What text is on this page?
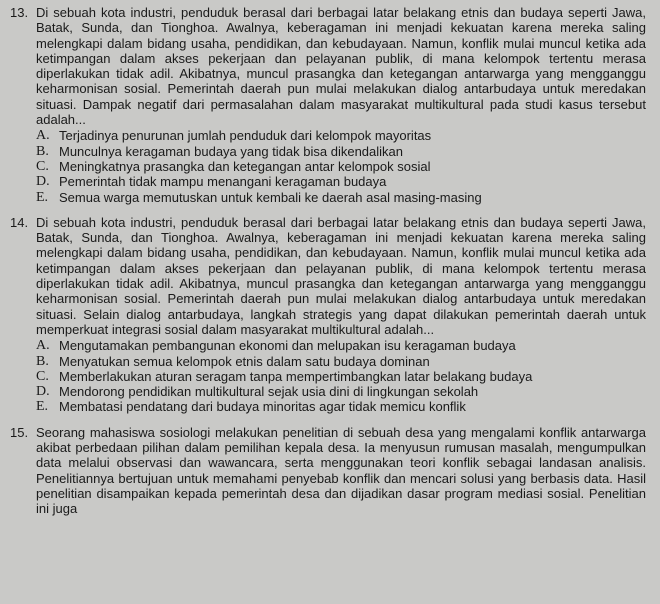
13. Di sebuah kota industri, penduduk berasal dari berbagai latar belakang etnis dan budaya seperti Jawa, Batak, Sunda, dan Tionghoa. Awalnya, keberagaman ini menjadi kekuatan karena mereka saling melengkapi dalam bidang usaha, pendidikan, dan kebudayaan. Namun, konflik mulai muncul ketika ada ketimpangan dalam akses pekerjaan dan pelayanan publik, di mana kelompok tertentu merasa diperlakukan tidak adil. Akibatnya, muncul prasangka dan ketegangan antarwarga yang mengganggu keharmonisan sosial. Pemerintah daerah pun mulai melakukan dialog antarbudaya untuk meredakan situasi. Dampak negatif dari permasalahan dalam masyarakat multikultural pada studi kasus tersebut adalah...

A. Terjadinya penurunan jumlah penduduk dari kelompok mayoritas
B. Munculnya keragaman budaya yang tidak bisa dikendalikan
C. Meningkatnya prasangka dan ketegangan antar kelompok sosial
D. Pemerintah tidak mampu menangani keragaman budaya
E. Semua warga memutuskan untuk kembali ke daerah asal masing-masing
14. Di sebuah kota industri, penduduk berasal dari berbagai latar belakang etnis dan budaya seperti Jawa, Batak, Sunda, dan Tionghoa. Awalnya, keberagaman ini menjadi kekuatan karena mereka saling melengkapi dalam bidang usaha, pendidikan, dan kebudayaan. Namun, konflik mulai muncul ketika ada ketimpangan dalam akses pekerjaan dan pelayanan publik, di mana kelompok tertentu merasa diperlakukan tidak adil. Akibatnya, muncul prasangka dan ketegangan antarwarga yang mengganggu keharmonisan sosial. Pemerintah daerah pun mulai melakukan dialog antarbudaya untuk meredakan situasi. Selain dialog antarbudaya, langkah strategis yang dapat dilakukan pemerintah daerah untuk memperkuat integrasi sosial dalam masyarakat multikultural adalah...

A. Mengutamakan pembangunan ekonomi dan melupakan isu keragaman budaya
B. Menyatukan semua kelompok etnis dalam satu budaya dominan
C. Memberlakukan aturan seragam tanpa mempertimbangkan latar belakang budaya
D. Mendorong pendidikan multikultural sejak usia dini di lingkungan sekolah
E. Membatasi pendatang dari budaya minoritas agar tidak memicu konflik
15. Seorang mahasiswa sosiologi melakukan penelitian di sebuah desa yang mengalami konflik antarwarga akibat perbedaan pilihan dalam pemilihan kepala desa. Ia menyusun rumusan masalah, mengumpulkan data melalui observasi dan wawancara, serta menggunakan teori konflik sebagai landasan analisis. Penelitiannya bertujuan untuk memahami penyebab konflik dan mencari solusi yang berbasis data. Hasil penelitian disampaikan kepada pemerintah desa dan dijadikan dasar program mediasi sosial. Penelitian ini juga
